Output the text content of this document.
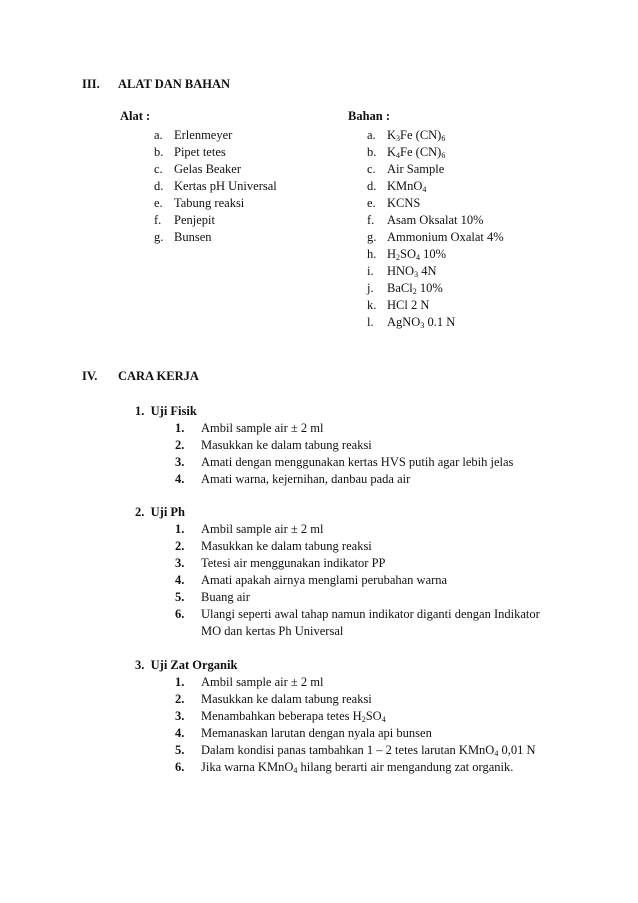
III. ALAT DAN BAHAN
Alat :	Bahan :
a. Erlenmeyer
b. Pipet tetes
c. Gelas Beaker
d. Kertas pH Universal
e. Tabung reaksi
f. Penjepit
g. Bunsen
a. $K_3Fe$ $(CN)_6$
b. $K_4Fe$ $(CN)_6$
c. Air Sample
d. KMnO$_4$
e. KCNS
f. Asam Oksalat 10%
g. Ammonium Oxalat 4%
h. $H_2SO_4$ 10%
i. $HNO_3$ 4N
j. BaCl$_2$ 10%
k. HCl 2 N
l. AgNO$_3$ 0.1 N
IV. CARA KERJA
1. Uji Fisik
1. Ambil sample air ± 2 ml
2. Masukkan ke dalam tabung reaksi
3. Amati dengan menggunakan kertas HVS putih agar lebih jelas
4. Amati warna, kejernihan, danbau pada air
2. Uji Ph
1. Ambil sample air ± 2 ml
2. Masukkan ke dalam tabung reaksi
3. Tetesi air menggunakan indikator PP
4. Amati apakah airnya menglami perubahan warna
5. Buang air
6. Ulangi seperti awal tahap namun indikator diganti dengan Indikator
MO dan kertas Ph Universal
3. Uji Zat Organik
1. Ambil sample air ± 2 ml
2. Masukkan ke dalam tabung reaksi
3. Menambahkan beberapa tetes $H_2SO_4$
4. Memanaskan larutan dengan nyala api bunsen
5. Dalam kondisi panas tambahkan 1 – 2 tetes larutan KMnO$_4$ 0,01 N
6. Jika warna KMnO$_4$ hilang berarti air mengandung zat organik.
